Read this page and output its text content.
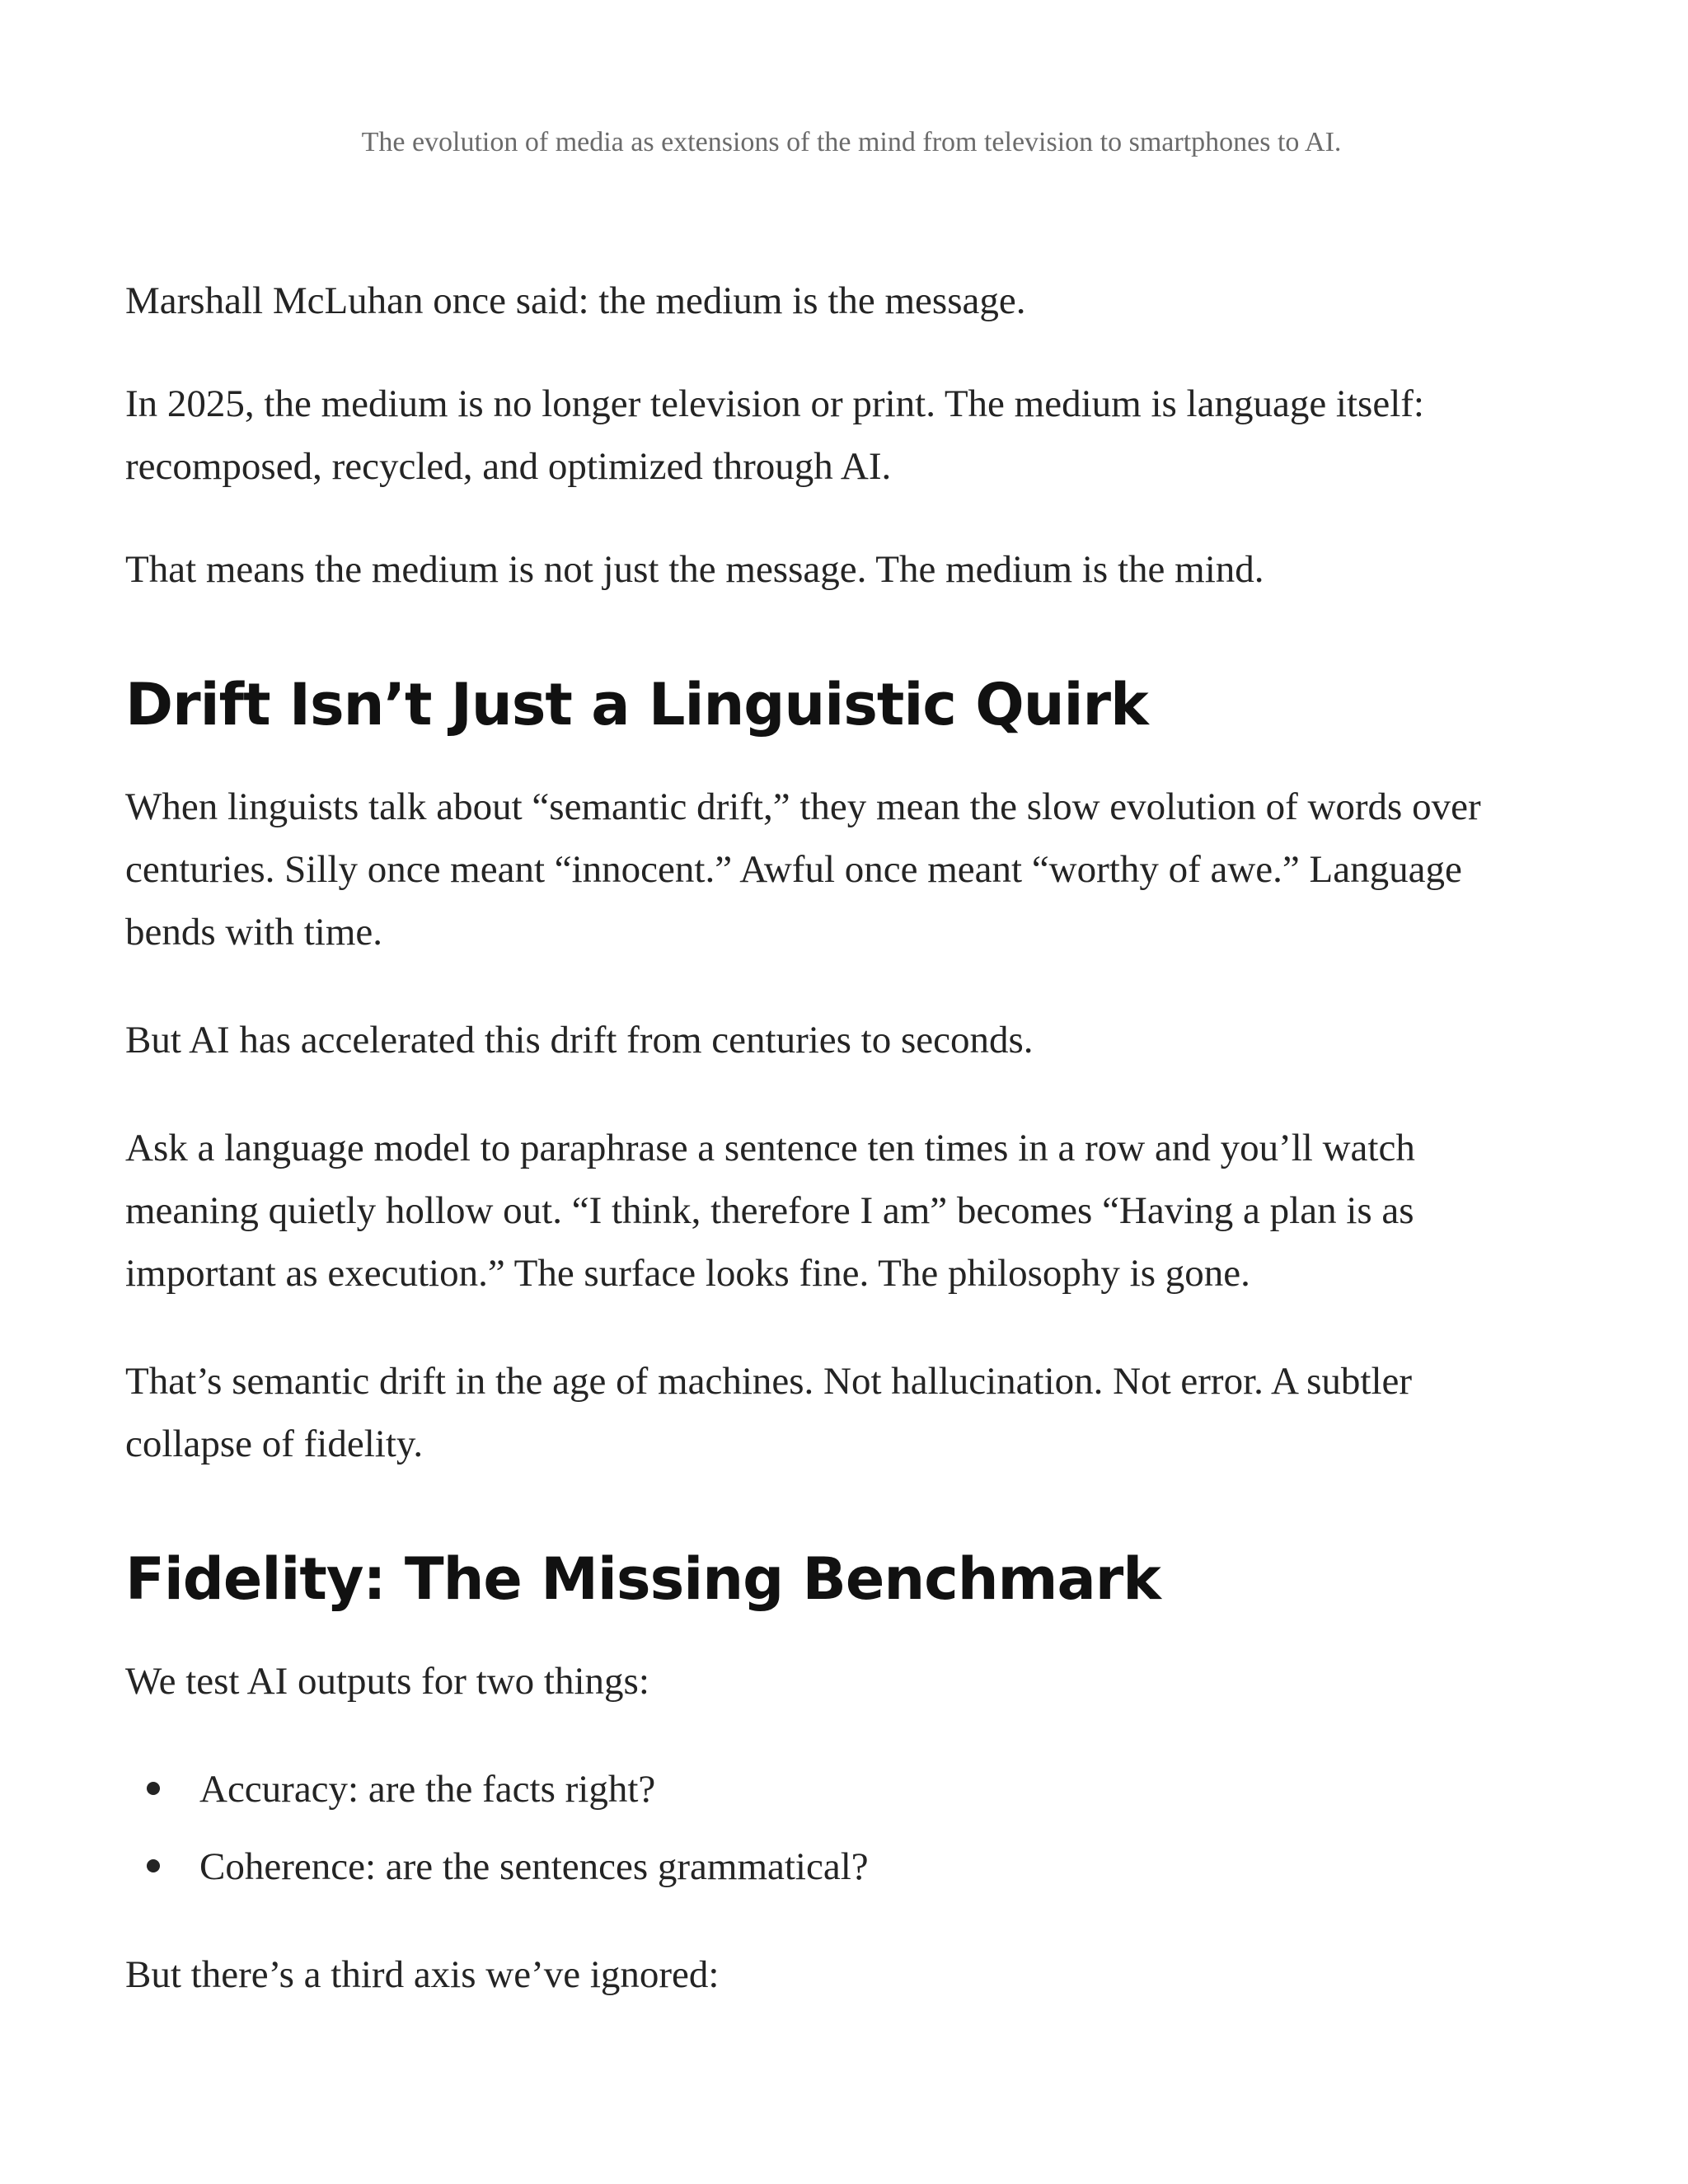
The evolution of media as extensions of the mind from television to smartphones to AI.

Marshall McLuhan once said: the medium is the message.

In 2025, the medium is no longer television or print. The medium is language itself:

recomposed, recycled, and optimized through AI.

That means the medium is not just the message. The medium is the mind.

Drift Isn’t Just a Linguistic Quirk

When linguists talk about “semantic drift,” they mean the slow evolution of words over

centuries. Silly once meant “innocent.” Awful once meant “worthy of awe.” Language

bends with time.

But AI has accelerated this drift from centuries to seconds.

Ask a language model to paraphrase a sentence ten times in a row and you’ll watch

meaning quietly hollow out. “I think, therefore I am” becomes “Having a plan is as

important as execution.” The surface looks fine. The philosophy is gone.

That’s semantic drift in the age of machines. Not hallucination. Not error. A subtler

collapse of fidelity.

Fidelity: The Missing Benchmark

We test AI outputs for two things:

Accuracy: are the facts right?
Coherence: are the sentences grammatical?

But there’s a third axis we’ve ignored:
